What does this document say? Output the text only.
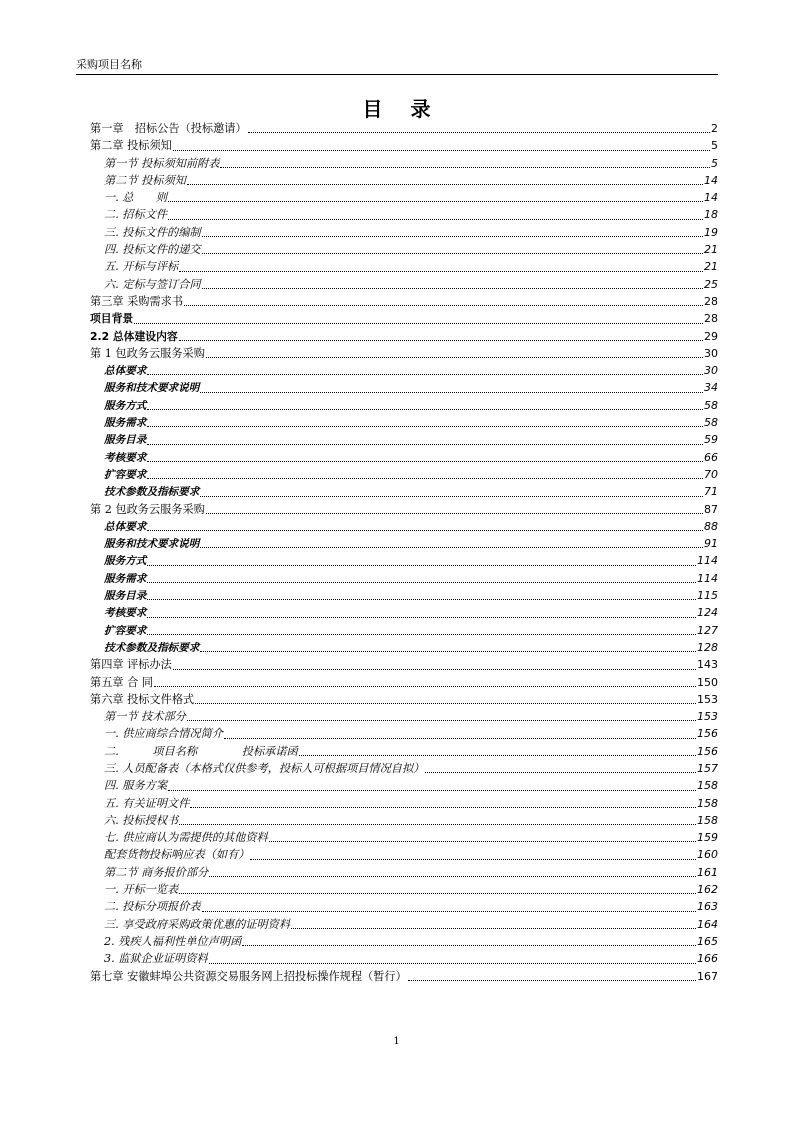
采购项目名称
目录
第一章　招标公告（投标邀请）	2
第二章 投标须知	5
第一节 投标须知前附表	5
第二节 投标须知	14
一. 总　　则	14
二. 招标文件	18
三. 投标文件的编制	19
四. 投标文件的递交	21
五. 开标与评标	21
六. 定标与签订合同	25
第三章 采购需求书	28
项目背景	28
2.2 总体建设内容	29
第 1 包政务云服务采购	30
总体要求	30
服务和技术要求说明	34
服务方式	58
服务需求	58
服务目录	59
考核要求	66
扩容要求	70
技术参数及指标要求	71
第 2 包政务云服务采购	87
总体要求	88
服务和技术要求说明	91
服务方式	114
服务需求	114
服务目录	115
考核要求	124
扩容要求	127
技术参数及指标要求	128
第四章 评标办法	143
第五章 合 同	150
第六章 投标文件格式	153
第一节 技术部分	153
一. 供应商综合情况简介	156
二.　　　项目名称　　　　投标承诺函	156
三. 人员配备表（本格式仅供参考，投标人可根据项目情况自拟）	157
四. 服务方案	158
五. 有关证明文件	158
六. 投标授权书	158
七. 供应商认为需提供的其他资料	159
配套货物投标响应表（如有）	160
第二节 商务报价部分	161
一. 开标一览表	162
二. 投标分项报价表	163
三. 享受政府采购政策优惠的证明资料	164
2. 残疾人福利性单位声明函	165
3. 监狱企业证明资料	166
第七章 安徽蚌埠公共资源交易服务网上招投标操作规程（暂行）	167
1
